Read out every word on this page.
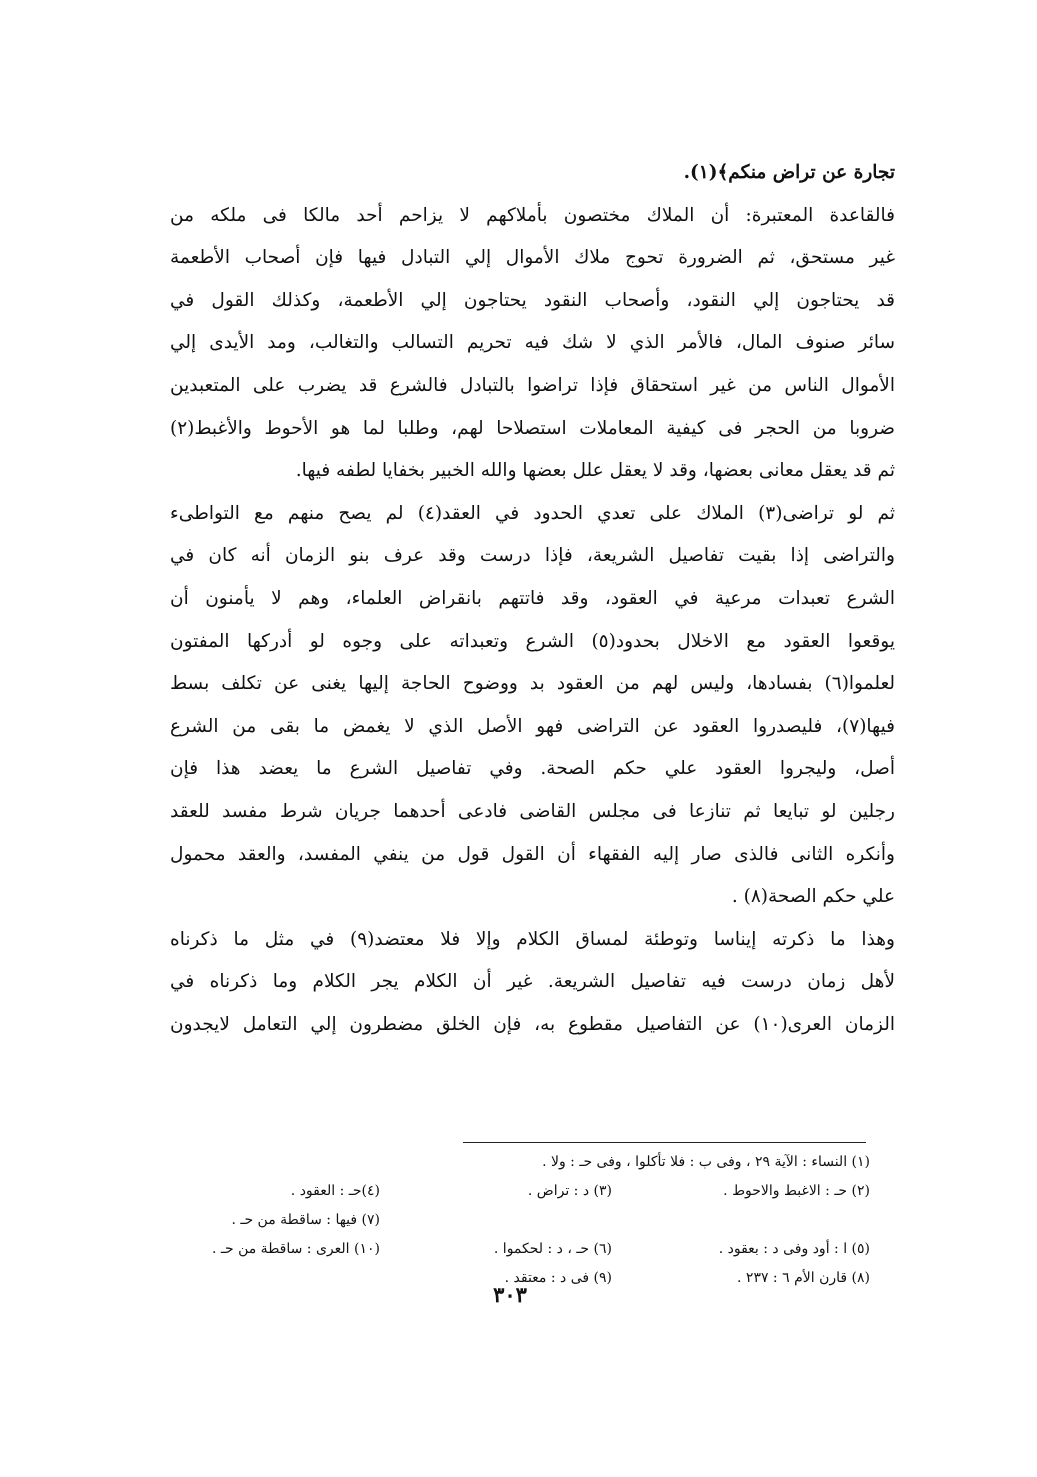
تجارة عن تراض منكم﴾(١).
فالقاعدة المعتبرة: أن الملاك مختصون بأملاكهم لا يزاحم أحد مالكا فى ملكه من
غير مستحق، ثم الضرورة تحوج ملاك الأموال إلي التبادل فيها فإن أصحاب الأطعمة
قد يحتاجون إلي النقود، وأصحاب النقود يحتاجون إلي الأطعمة، وكذلك القول في
سائر صنوف المال، فالأمر الذي لا شك فيه تحريم التسالب والتغالب، ومد الأيدى إلي
الأموال الناس من غير استحقاق فإذا تراضوا بالتبادل فالشرع قد يضرب على المتعبدين
ضروبا من الحجر فى كيفية المعاملات استصلاحا لهم، وطلبا لما هو الأحوط والأغبط(٢)
ثم قد يعقل معانى بعضها، وقد لا يعقل علل بعضها والله الخبير بخفايا لطفه فيها.
ثم لو تراضى(٣) الملاك على تعدي الحدود في العقد(٤) لم يصح منهم مع التواطىء
والتراضى إذا بقيت تفاصيل الشريعة، فإذا درست وقد عرف بنو الزمان أنه كان في
الشرع تعبدات مرعية في العقود، وقد فاتتهم بانقراض العلماء، وهم لا يأمنون أن
يوقعوا العقود مع الاخلال بحدود(٥) الشرع وتعبداته على وجوه لو أدركها المفتون
لعلموا(٦) بفسادها، وليس لهم من العقود بد ووضوح الحاجة إليها يغنى عن تكلف بسط
فيها(٧)، فليصدروا العقود عن التراضى فهو الأصل الذي لا يغمض ما بقى من الشرع
أصل، وليجروا العقود علي حكم الصحة. وفي تفاصيل الشرع ما يعضد هذا فإن
رجلين لو تبايعا ثم تنازعا فى مجلس القاضى فادعى أحدهما جريان شرط مفسد للعقد
وأنكره الثانى فالذى صار إليه الفقهاء أن القول قول من ينفي المفسد، والعقد محمول
علي حكم الصحة(٨) .
وهذا ما ذكرته إيناسا وتوطئة لمساق الكلام وإلا فلا معتضد(٩) في مثل ما ذكرناه
لأهل زمان درست فيه تفاصيل الشريعة. غير أن الكلام يجر الكلام وما ذكرناه في
الزمان العرى(١٠) عن التفاصيل مقطوع به، فإن الخلق مضطرون إلي التعامل لايجدون
(١) النساء : الآية ٢٩ ، وفى ب : فلا تأكلوا ، وفى حـ : ولا .
(٢) حـ : الاغبط والاحوط .
(٣) د : تراض .
(٤)حـ : العقود .
(٧) فيها : ساقطة من حـ .
(٥) ا : أود وفى د : بعقود .
(٦) حـ ، د : لحكموا .
(١٠) العرى : ساقطة من حـ .
(٨) قارن الأم ٦ : ٢٣٧ .
(٩) فى د : معتقد .
٣٠٣
